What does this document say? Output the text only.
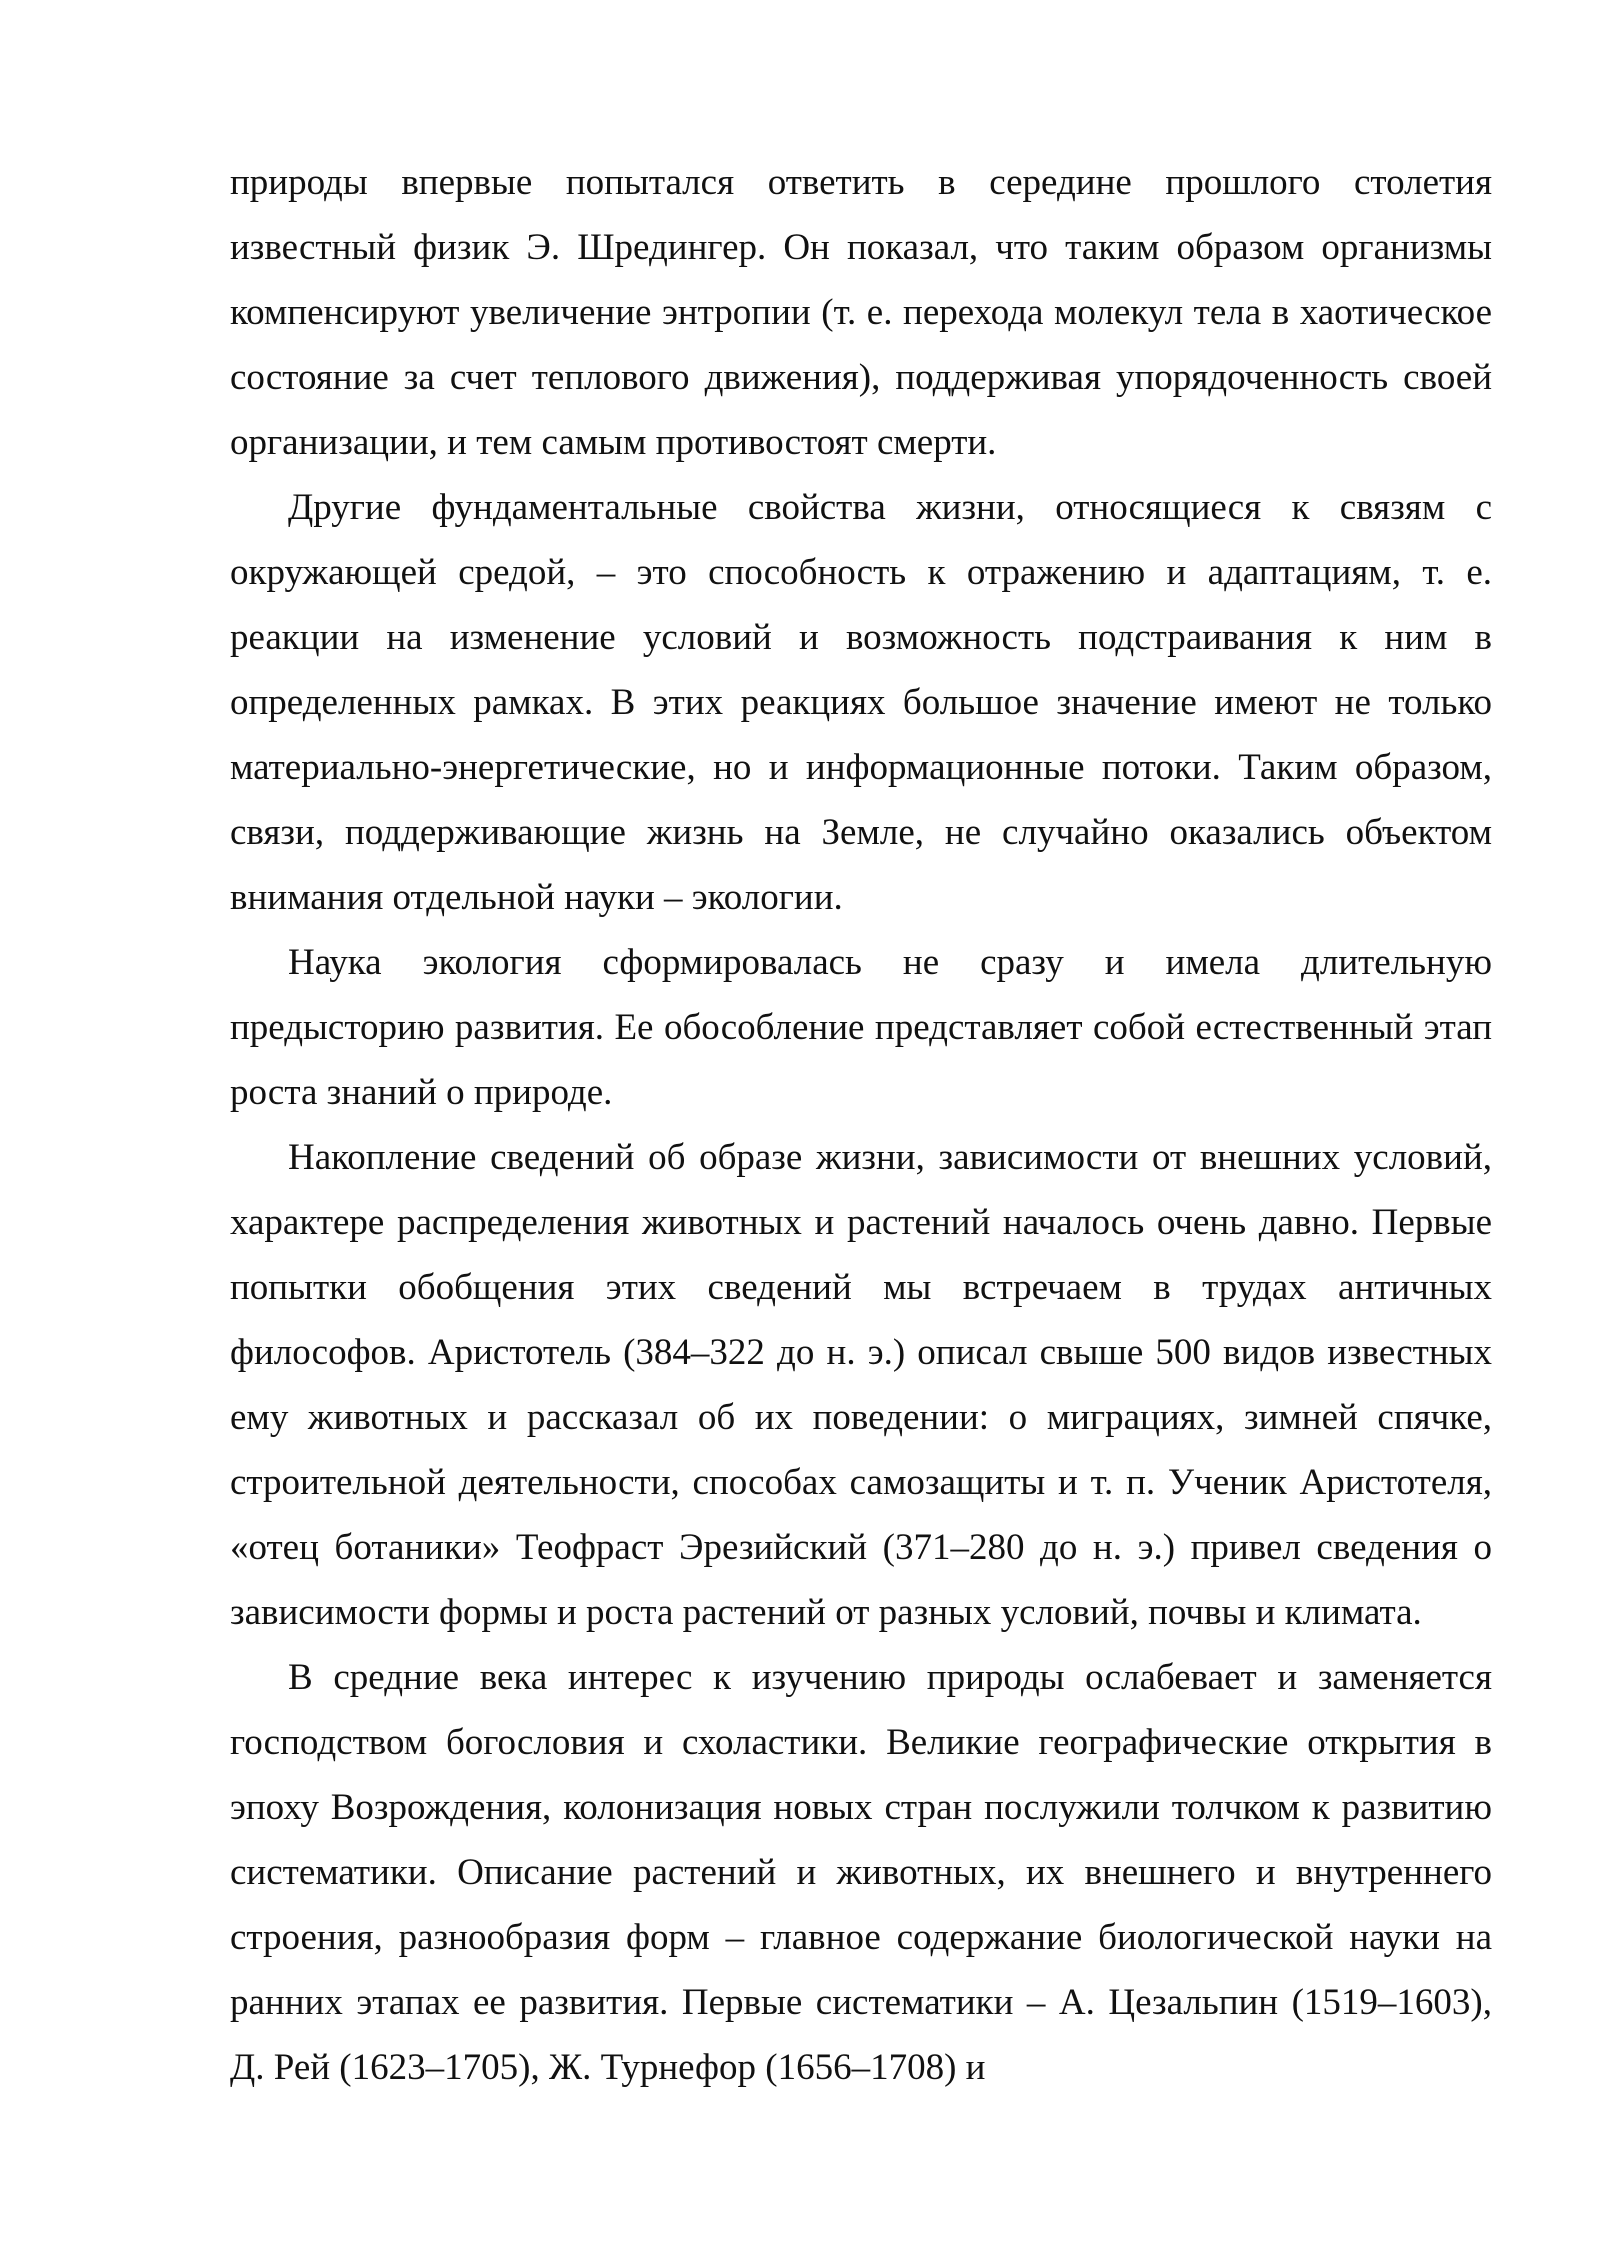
природы впервые попытался ответить в середине прошлого столетия известный физик Э. Шредингер. Он показал, что таким образом организмы компенсируют увеличение энтропии (т. е. перехода молекул тела в хаотическое состояние за счет теплового движения), поддерживая упорядоченность своей организации, и тем самым противостоят смерти.

Другие фундаментальные свойства жизни, относящиеся к связям с окружающей средой, – это способность к отражению и адаптациям, т. е. реакции на изменение условий и возможность подстраивания к ним в определенных рамках. В этих реакциях большое значение имеют не только материально-энергетические, но и информационные потоки. Таким образом, связи, поддерживающие жизнь на Земле, не случайно оказались объектом внимания отдельной науки – экологии.

Наука экология сформировалась не сразу и имела длительную предысторию развития. Ее обособление представляет собой естественный этап роста знаний о природе.

Накопление сведений об образе жизни, зависимости от внешних условий, характере распределения животных и растений началось очень давно. Первые попытки обобщения этих сведений мы встречаем в трудах античных философов. Аристотель (384–322 до н. э.) описал свыше 500 видов известных ему животных и рассказал об их поведении: о миграциях, зимней спячке, строительной деятельности, способах самозащиты и т. п. Ученик Аристотеля, «отец ботаники» Теофраст Эрезийский (371–280 до н. э.) привел сведения о зависимости формы и роста растений от разных условий, почвы и климата.

В средние века интерес к изучению природы ослабевает и заменяется господством богословия и схоластики. Великие географические открытия в эпоху Возрождения, колонизация новых стран послужили толчком к развитию систематики. Описание растений и животных, их внешнего и внутреннего строения, разнообразия форм – главное содержание биологической науки на ранних этапах ее развития. Первые систематики – А. Цезальпин (1519–1603), Д. Рей (1623–1705), Ж. Турнефор (1656–1708) и
